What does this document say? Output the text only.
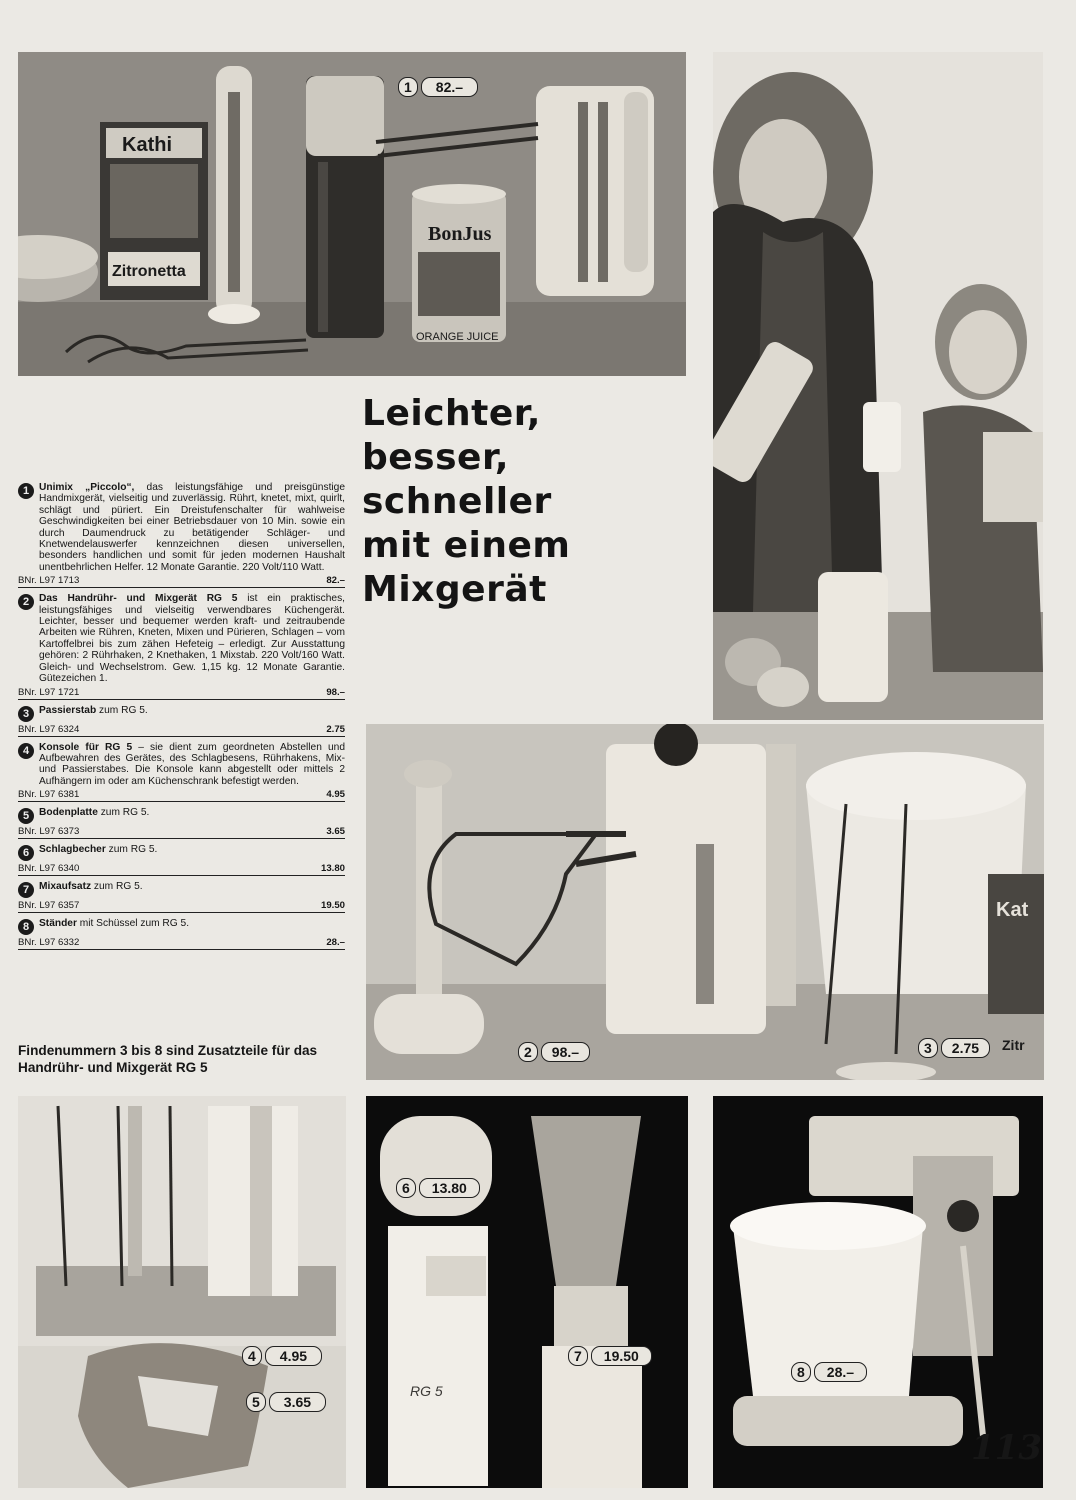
Kathi
Zitronetta
BonJus
ORANGE JUICE
1	82.–
Leichter,
besser,
schneller
mit einem
Mixgerät
1 Unimix „Piccolo“, das leistungsfähige und preisgünstige Handmixgerät, vielseitig und zuverlässig. Rührt, knetet, mixt, quirlt, schlägt und püriert. Ein Dreistufenschalter für wahlweise Geschwindigkeiten bei einer Betriebsdauer von 10 Min. sowie ein durch Daumendruck zu betätigender Schläger- und Knetwendelauswerfer kennzeichnen diesen universellen, besonders handlichen und somit für jeden modernen Haushalt unentbehrlichen Helfer. 12 Monate Garantie. 220 Volt/110 Watt.
BNr. L97 1713	82.–
2 Das Handrühr- und Mixgerät RG 5 ist ein praktisches, leistungsfähiges und vielseitig verwendbares Küchengerät. Leichter, besser und bequemer werden kraft- und zeitraubende Arbeiten wie Rühren, Kneten, Mixen und Pürieren, Schlagen – vom Kartoffelbrei bis zum zähen Hefeteig – erledigt. Zur Ausstattung gehören: 2 Rührhaken, 2 Knethaken, 1 Mixstab. 220 Volt/160 Watt. Gleich- und Wechselstrom. Gew. 1,15 kg. 12 Monate Garantie. Gütezeichen 1.
BNr. L97 1721	98.–
3 Passierstab zum RG 5.
BNr. L97 6324	2.75
4 Konsole für RG 5 – sie dient zum geordneten Abstellen und Aufbewahren des Gerätes, des Schlagbesens, Rührhakens, Mix- und Passierstabes. Die Konsole kann abgestellt oder mittels 2 Aufhängern im oder am Küchenschrank befestigt werden.
BNr. L97 6381	4.95
5 Bodenplatte zum RG 5.
BNr. L97 6373	3.65
6 Schlagbecher zum RG 5.
BNr. L97 6340	13.80
7 Mixaufsatz zum RG 5.
BNr. L97 6357	19.50
8 Ständer mit Schüssel zum RG 5.
BNr. L97 6332	28.–
Kat
Zitr
2	98.–	3	2.75
Findenummern 3 bis 8 sind Zusatzteile für das Handrühr- und Mixgerät RG 5
4	4.95
5	3.65
RG 5
6	13.80
7	19.50
8	28.–
113
